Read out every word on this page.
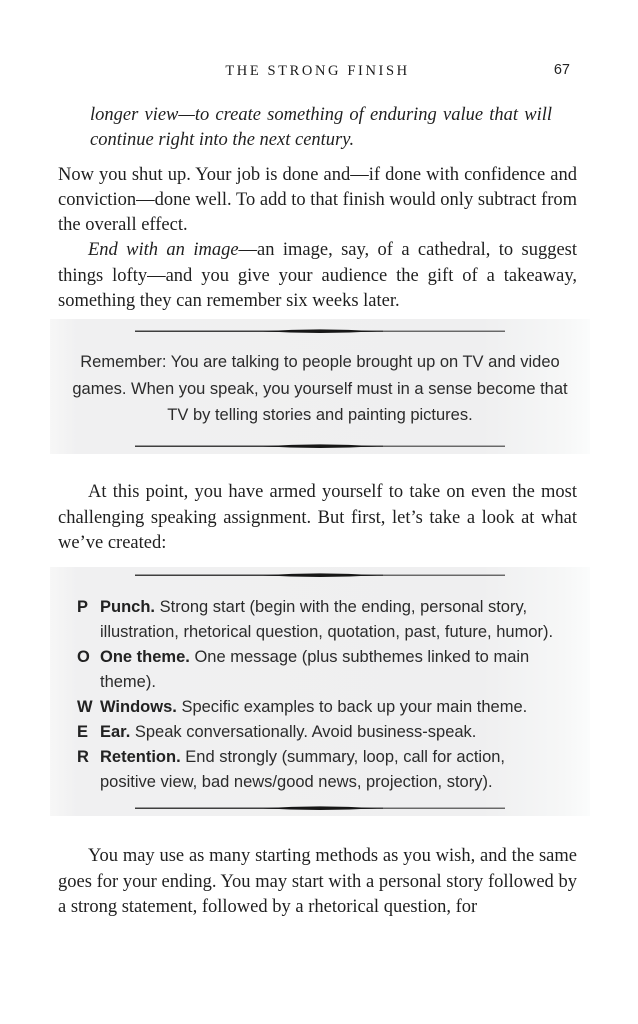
THE STRONG FINISH	67

longer view—to create something of enduring value that will continue right into the next century.

Now you shut up. Your job is done and—if done with confidence and conviction—done well. To add to that finish would only subtract from the overall effect.

End with an image—an image, say, of a cathedral, to suggest things lofty—and you give your audience the gift of a takeaway, something they can remember six weeks later.

Remember: You are talking to people brought up on TV and video games. When you speak, you yourself must in a sense become that TV by telling stories and painting pictures.

At this point, you have armed yourself to take on even the most challenging speaking assignment. But first, let’s take a look at what we’ve created:

P Punch. Strong start (begin with the ending, personal story, illustration, rhetorical question, quotation, past, future, humor).
O One theme. One message (plus subthemes linked to main theme).
W Windows. Specific examples to back up your main theme.
E Ear. Speak conversationally. Avoid business-speak.
R Retention. End strongly (summary, loop, call for action, positive view, bad news/good news, projection, story).

You may use as many starting methods as you wish, and the same goes for your ending. You may start with a personal story followed by a strong statement, followed by a rhetorical question, for
